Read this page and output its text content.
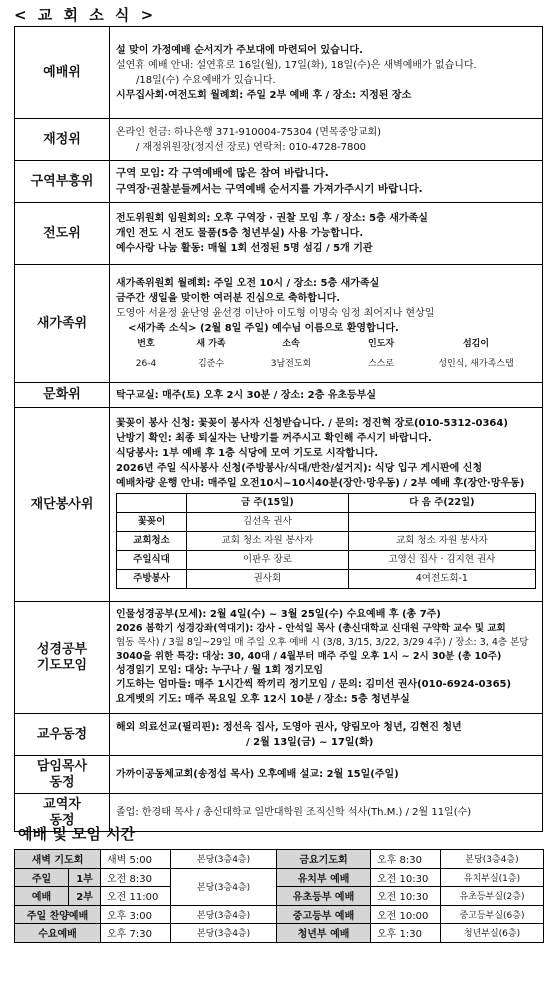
< 교 회 소 식 >
예배위	
설 맞이 가정예배 순서지가 주보대에 마련되어 있습니다.
설연휴 예배 안내: 설연휴로 16일(월), 17일(화), 18일(수)은 새벽예배가 없습니다.
/18일(수) 수요예배가 있습니다.
시무집사회·여전도회 월례회: 주일 2부 예배 후 / 장소: 지정된 장소

재정위	온라인 헌금: 하나은행 371-910004-75304 (면목중앙교회)
/ 재정위원장(정지선 장로) 연락처: 010-4728-7800

구역부흥위	
구역 모임: 각 구역예배에 많은 참여 바랍니다.
구역장·권찰분들께서는 구역예배 순서지를 가져가주시기 바랍니다.

전도위	
전도위원회 임원회의: 오후 구역장 · 권찰 모임 후 / 장소: 5층 새가족실
개인 전도 시 전도 물품(5층 청년부실) 사용 가능합니다.
예수사랑 나눔 활동: 매월 1회 선정된 5명 섬김 / 5개 기관

새가족위	
새가족위원회 월례회: 주일 오전 10시 / 장소: 5층 새가족실
금주간 생일을 맞이한 여러분 진심으로 축하합니다.
도영아 서윤정 윤난영 윤선경 이난아 이도형 이명숙 임정 최어지나 현상일
<새가족 소식> (2월 8일 주일) 예수님 이름으로 환영합니다.
번호	새 가족	소속	인도자	섬김이
26-4	김준수	3남전도회	스스로	성인식, 새가족스탭

문화위	탁구교실: 매주(토) 오후 2시 30분 / 장소: 2층 유초등부실

재단봉사위	
꽃꽂이 봉사 신청: 꽃꽂이 봉사자 신청받습니다. / 문의: 정진혁 장로(010-5312-0364)
난방기 확인: 최종 퇴실자는 난방기를 꺼주시고 확인해 주시기 바랍니다.
식당봉사: 1부 예배 후 1층 식당에 모여 기도로 시작합니다.
2026년 주일 식사봉사 신청(주방봉사/식대/반찬/설거지): 식당 입구 게시판에 신청
예배차량 운행 안내: 매주일 오전10시~10시40분(장안·망우동) / 2부 예배 후(장안·망우동)
	금 주(15일)	다 음 주(22일)
꽃꽂이	김선옥 권사	
교회청소	교회 청소 자원 봉사자	교회 청소 자원 봉사자
주일식대	이판우 장로	고영신 집사 · 김지현 권사
주방봉사	권사회	4여전도회-1

성경공부
기도모임	
인물성경공부(모세): 2월 4일(수) ~ 3월 25일(수) 수요예배 후 (총 7주)
2026 봄학기 성경강좌(역대기): 강사 - 안석일 목사 (총신대학교 신대원 구약학 교수 및 교회
협동 목사) / 3월 8일~29일 매 주일 오후 예배 시 (3/8, 3/15, 3/22, 3/29 4주) / 장소: 3, 4층 본당
3040을 위한 특강: 대상: 30, 40대 / 4월부터 매주 주일 오후 1시 ~ 2시 30분 (총 10주)
성경읽기 모임: 대상: 누구나 / 월 1회 정기모임
기도하는 엄마들: 매주 1시간씩 짝끼리 정기모임 / 문의: 김미선 권사(010-6924-0365)
요게벳의 기도: 매주 목요일 오후 12시 10분 / 장소: 5층 청년부실

교우동정	해외 의료선교(필리핀): 정선옥 집사, 도영아 권사, 양림모아 청년, 김현진 청년
/ 2월 13일(금) ~ 17일(화)

담임목사
동정	가까이공동체교회(송정섭 목사) 오후예배 설교: 2월 15일(주일)

교역자
동정	졸업: 한경태 목사 / 총신대학교 일반대학원 조직신학 석사(Th.M.) / 2월 11일(수)
예배 및 모임 시간
새벽 기도회		새벽 5:00	본당(3층4층)	금요기도회	오후 8:30	본당(3층4층)
주일	1부	오전 8:30	본당(3층4층)	유치부 예배	오전 10:30	유치부실(1층)
예배	2부	오전 11:00		유초등부 예배	오전 10:30	유초등부실(2층)
주일 찬양예배		오후 3:00	본당(3층4층)	중고등부 예배	오전 10:00	중고등부실(6층)
수요예배		오후 7:30	본당(3층4층)	청년부 예배	오후 1:30	청년부실(6층)
